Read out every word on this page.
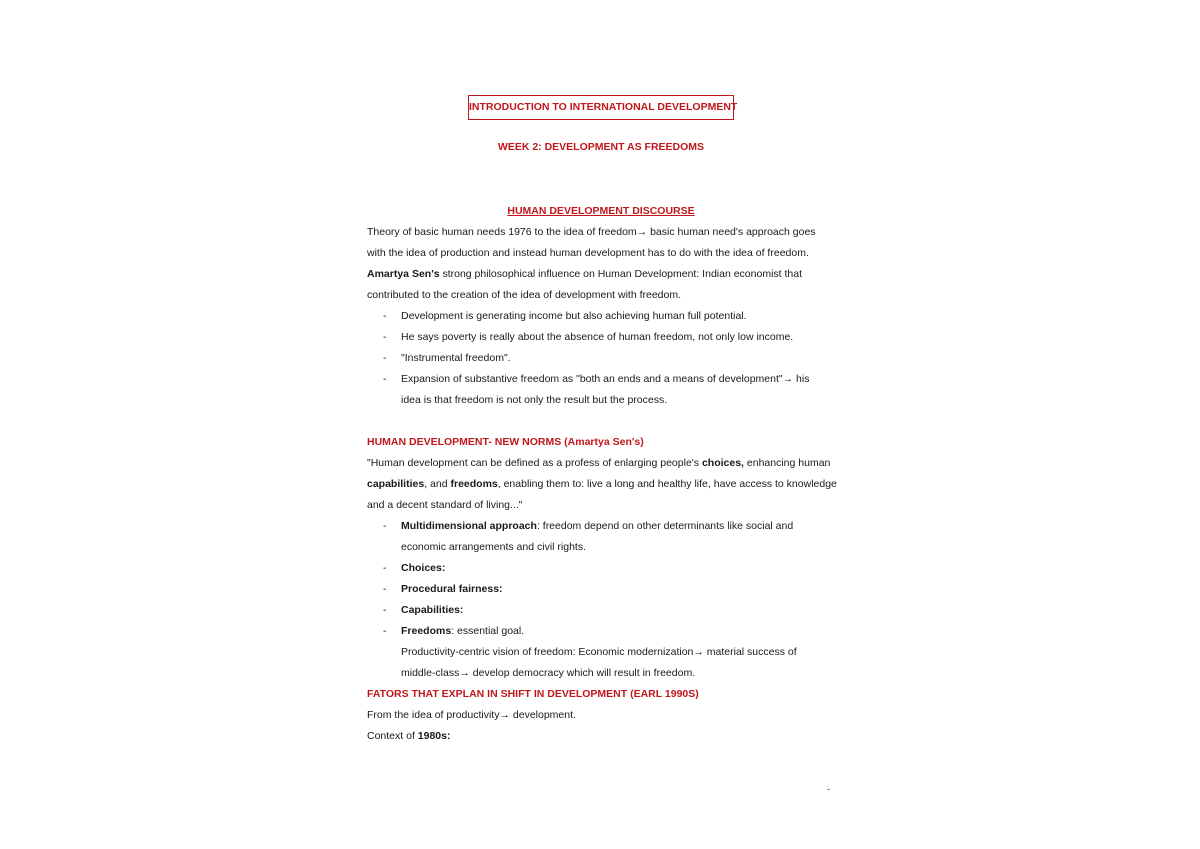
INTRODUCTION TO INTERNATIONAL DEVELOPMENT
WEEK 2: DEVELOPMENT AS FREEDOMS
HUMAN DEVELOPMENT DISCOURSE
Theory of basic human needs 1976 to the idea of freedom→ basic human need's approach goes
with the idea of production and instead human development has to do with the idea of freedom.
Amartya Sen's strong philosophical influence on Human Development: Indian economist that
contributed to the creation of the idea of development with freedom.
- Development is generating income but also achieving human full potential.
- He says poverty is really about the absence of human freedom, not only low income.
- "Instrumental freedom".
- Expansion of substantive freedom as "both an ends and a means of development"→ his
idea is that freedom is not only the result but the process.
HUMAN DEVELOPMENT- NEW NORMS (Amartya Sen's)
"Human development can be defined as a profess of enlarging people's choices, enhancing human
capabilities, and freedoms, enabling them to: live a long and healthy life, have access to knowledge
and a decent standard of living..."
- Multidimensional approach: freedom depend on other determinants like social and
economic arrangements and civil rights.
- Choices:
- Procedural fairness:
- Capabilities:
- Freedoms: essential goal.
Productivity-centric vision of freedom: Economic modernization→ material success of
middle-class→ develop democracy which will result in freedom.
FATORS THAT EXPLAN IN SHIFT IN DEVELOPMENT (EARL 1990S)
From the idea of productivity→ development.
Context of 1980s:
-
